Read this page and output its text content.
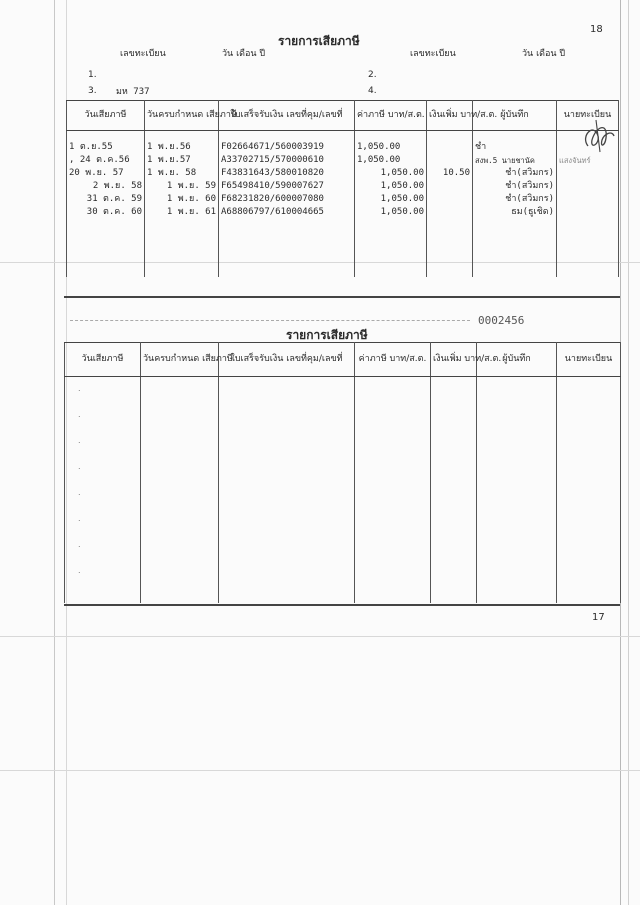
18
รายการเสียภาษี
เลขทะเบียน	วัน เดือน ปี	เลขทะเบียน	วัน เดือน ปี
1.	2.
3. มห 737	4.
วันเสียภาษี	วันครบกำหนด เสียภาษี	ใบเสร็จรับเงิน เลขที่คุม/เลขที่	ค่าภาษี บาท/ส.ต.	เงินเพิ่ม บาท/ส.ต.	ผู้บันทึก	นายทะเบียน

1 ต.ย.55	1 พ.ย.56	F02664671/560003919	1,050.00		ชำ	
, 24 ต.ค.56	1 พ.ย.57	A33702715/570000610	1,050.00		สงพ.5 นายชานัค	แสงจันทร์
20 พ.ย. 57	1 พ.ย. 58	F43831643/580010820	1,050.00	10.50	ชำ(สวิมกร)	
2 พ.ย. 58	1 พ.ย. 59	F65498410/590007627	1,050.00		ชำ(สวิมกร)	
31 ต.ค. 59	1 พ.ย. 60	F68231820/600007080	1,050.00		ชำ(สวิมกร)	
30 ต.ค. 60	1 พ.ย. 61	A68806797/610004665	1,050.00		ธม(ธูเชิด)	

0002456
รายการเสียภาษี
วันเสียภาษี	วันครบกำหนด เสียภาษี	ใบเสร็จรับเงิน เลขที่คุม/เลขที่	ค่าภาษี บาท/ส.ต.	เงินเพิ่ม บาท/ส.ต.	ผู้บันทึก	นายทะเบียน

.
.
.
.
.
.
.
.
17
